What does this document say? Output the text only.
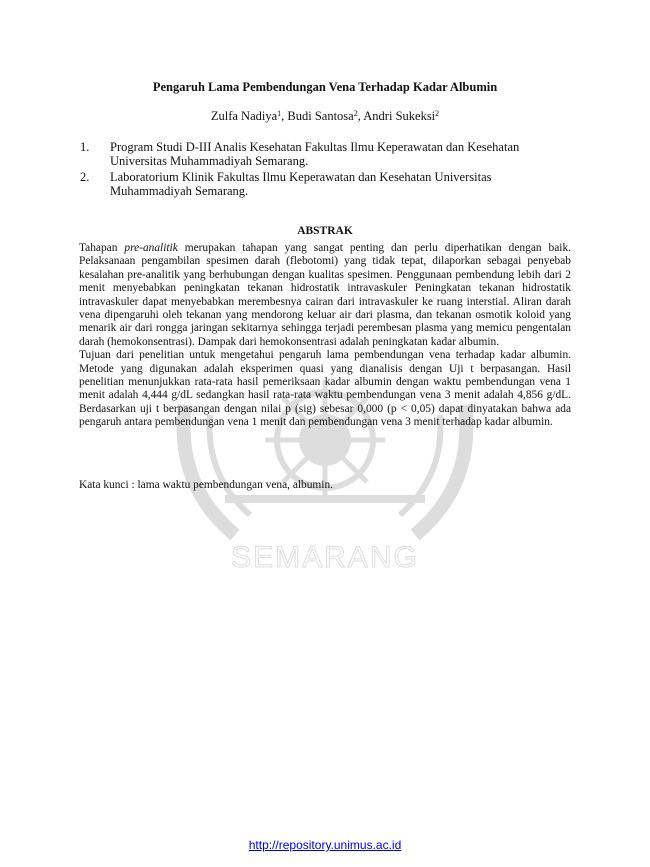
SEMARANG
Pengaruh Lama Pembendungan Vena Terhadap Kadar Albumin

Zulfa Nadiya$^1$, Budi Santosa$^2$, Andri Sukeksi$^2$

1. Program Studi D-III Analis Kesehatan Fakultas Ilmu Keperawatan dan Kesehatan Universitas Muhammadiyah Semarang.
2. Laboratorium Klinik Fakultas Ilmu Keperawatan dan Kesehatan Universitas Muhammadiyah Semarang.
ABSTRAK

Tahapan pre-analitik merupakan tahapan yang sangat penting dan perlu diperhatikan dengan baik. Pelaksanaan pengambilan spesimen darah (flebotomi) yang tidak tepat, dilaporkan sebagai penyebab kesalahan pre-analitik yang berhubungan dengan kualitas spesimen. Penggunaan pembendung lebih dari 2 menit menyebabkan peningkatan tekanan hidrostatik intravaskuler Peningkatan tekanan hidrostatik intravaskuler dapat menyebabkan merembesnya cairan dari intravaskuler ke ruang interstial. Aliran darah vena dipengaruhi oleh tekanan yang mendorong keluar air dari plasma, dan tekanan osmotik koloid yang menarik air dari rongga jaringan sekitarnya sehingga terjadi perembesan plasma yang memicu pengentalan darah (hemokonsentrasi). Dampak dari hemokonsentrasi adalah peningkatan kadar albumin.

Tujuan dari penelitian untuk mengetahui pengaruh lama pembendungan vena terhadap kadar albumin. Metode yang digunakan adalah eksperimen quasi yang dianalisis dengan Uji t berpasangan. Hasil penelitian menunjukkan rata-rata hasil pemeriksaan kadar albumin dengan waktu pembendungan vena 1 menit adalah 4,444 g/dL sedangkan hasil rata-rata waktu pembendungan vena 3 menit adalah 4,856 g/dL. Berdasarkan uji t berpasangan dengan nilai p (sig) sebesar 0,000 (p < 0,05) dapat dinyatakan bahwa ada pengaruh antara pembendungan vena 1 menit dan pembendungan vena 3 menit terhadap kadar albumin.

Kata kunci : lama waktu pembendungan vena, albumin.

http://repository.unimus.ac.id
